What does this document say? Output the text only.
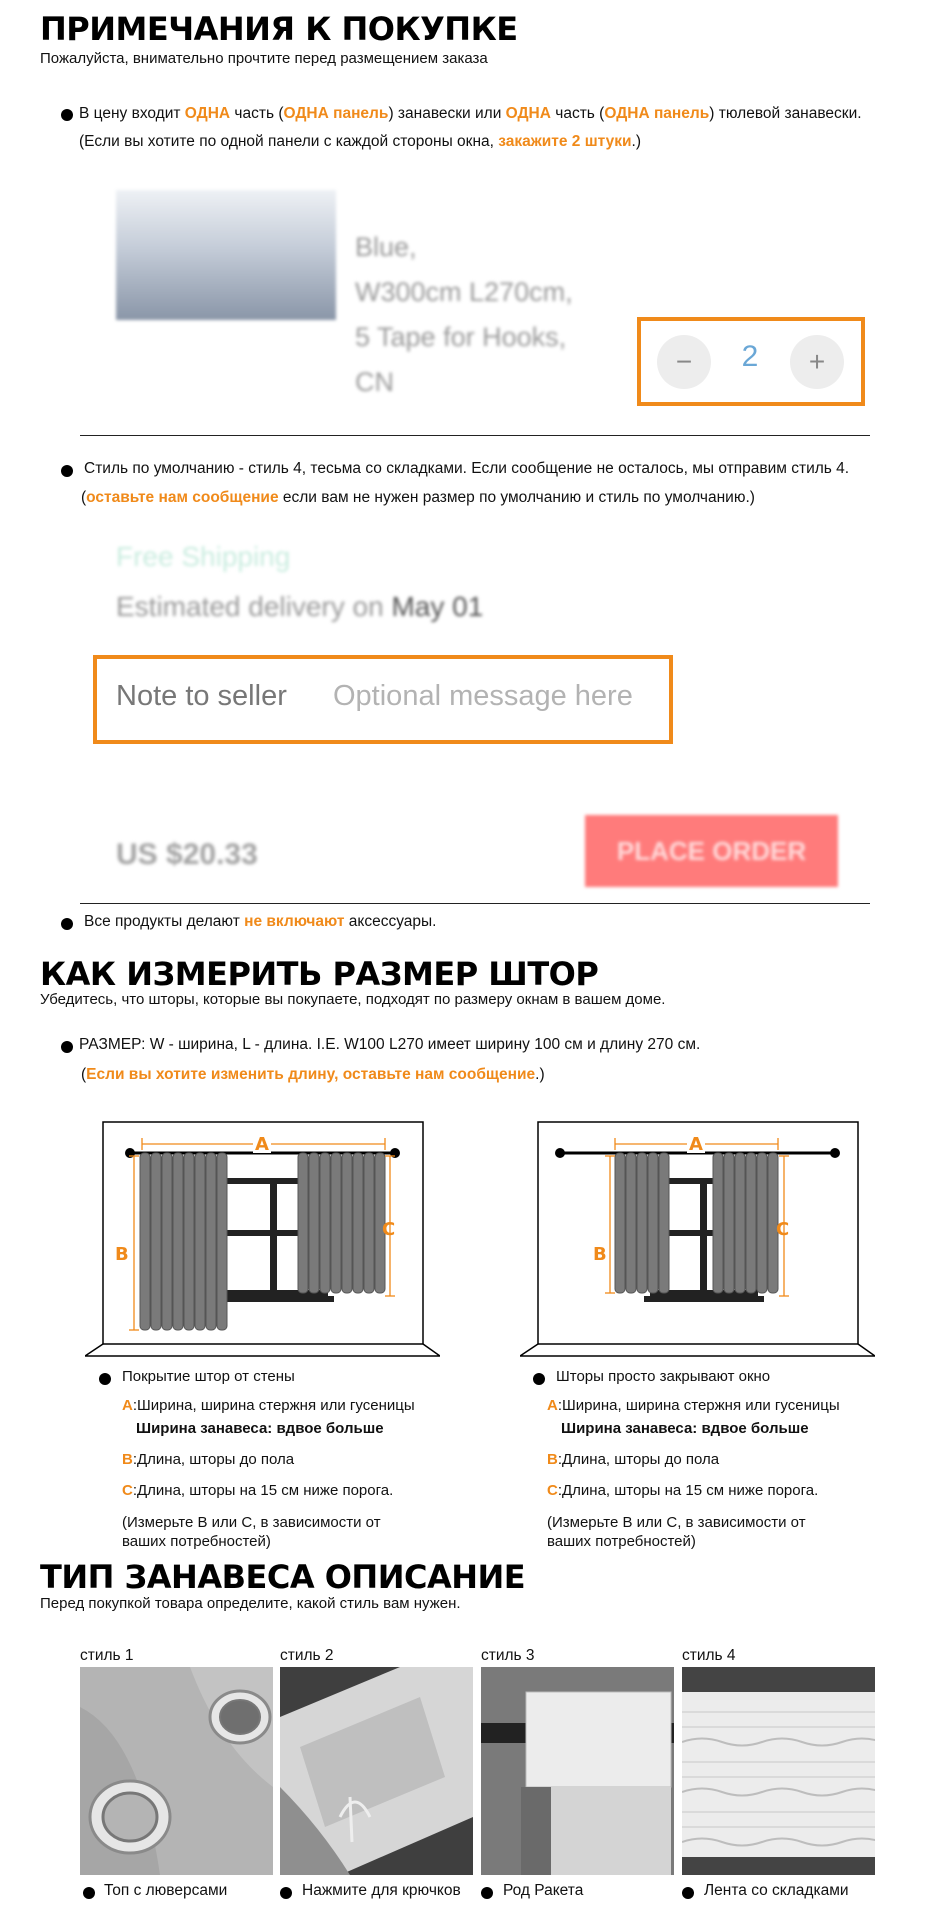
ПРИМЕЧАНИЯ К ПОКУПКЕ
Пожалуйста, внимательно прочтите перед размещением заказа
В цену входит ОДНА часть (ОДНА панель) занавески или ОДНА часть (ОДНА панель) тюлевой занавески.
(Если вы хотите по одной панели с каждой стороны окна, закажите 2 штуки.)
Blue,
W300cm L270cm,
5 Tape for Hooks,
CN
−	2	+
Стиль по умолчанию - стиль 4, тесьма со складками. Если сообщение не осталось, мы отправим стиль 4.
(оставьте нам сообщение если вам не нужен размер по умолчанию и стиль по умолчанию.)
Free Shipping
Estimated delivery on May 01
Note to seller Optional message here
US $20.33	PLACE ORDER
Все продукты делают не включают аксессуары.
КАК ИЗМЕРИТЬ РАЗМЕР ШТОР
Убедитесь, что шторы, которые вы покупаете, подходят по размеру окнам в вашем доме.
РАЗМЕР: W - ширина, L - длина. I.E. W100 L270 имеет ширину 100 см и длину 270 см.
(Если вы хотите изменить длину, оставьте нам сообщение.)
A
B
C
A
B
C
Покрытие штор от стены
A:Ширина, ширина стержня или гусеницы
Ширина занавеса: вдвое больше
B:Длина, шторы до пола
C:Длина, шторы на 15 см ниже порога.
(Измерьте B или C, в зависимости от
ваших потребностей)
Шторы просто закрывают окно
A:Ширина, ширина стержня или гусеницы
Ширина занавеса: вдвое больше
B:Длина, шторы до пола
C:Длина, шторы на 15 см ниже порога.
(Измерьте B или C, в зависимости от
ваших потребностей)
ТИП ЗАНАВЕСА ОПИСАНИЕ
Перед покупкой товара определите, какой стиль вам нужен.
стиль 1	стиль 2	стиль 3	стиль 4
Топ с люверсами	Нажмите для крючков	Род Ракета	Лента со складками
